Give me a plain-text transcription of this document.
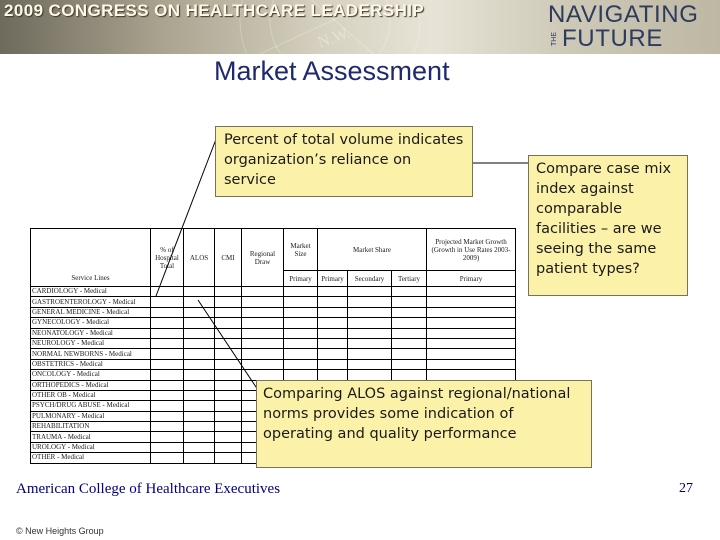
N.W.
2009 CONGRESS ON HEALTHCARE LEADERSHIP	NAVIGATING
THE FUTURE
Market Assessment
	% of Hospital Total	ALOS	CMI	Regional Draw	Market Size	Market Share			Projected Market Growth (Growth in Use Rates 2003-2009)
Service Lines					Primary	Primary	Secondary	Tertiary	Primary
CARDIOLOGY - Medical									
GASTROENTEROLOGY - Medical									
GENERAL MEDICINE - Medical									
GYNECOLOGY - Medical									
NEONATOLOGY - Medical									
NEUROLOGY - Medical									
NORMAL NEWBORNS - Medical									
OBSTETRICS - Medical									
ONCOLOGY - Medical									
ORTHOPEDICS - Medical									
OTHER OB - Medical									
PSYCH/DRUG ABUSE - Medical									
PULMONARY - Medical									
REHABILITATION									
TRAUMA - Medical									
UROLOGY - Medical									
OTHER - Medical									
Percent of total volume indicates organization’s reliance on service
Compare case mix index against comparable facilities – are we seeing the same patient types?
Comparing ALOS against regional/national norms provides some indication of operating and quality performance
American College of Healthcare Executives
© New Heights Group
27
